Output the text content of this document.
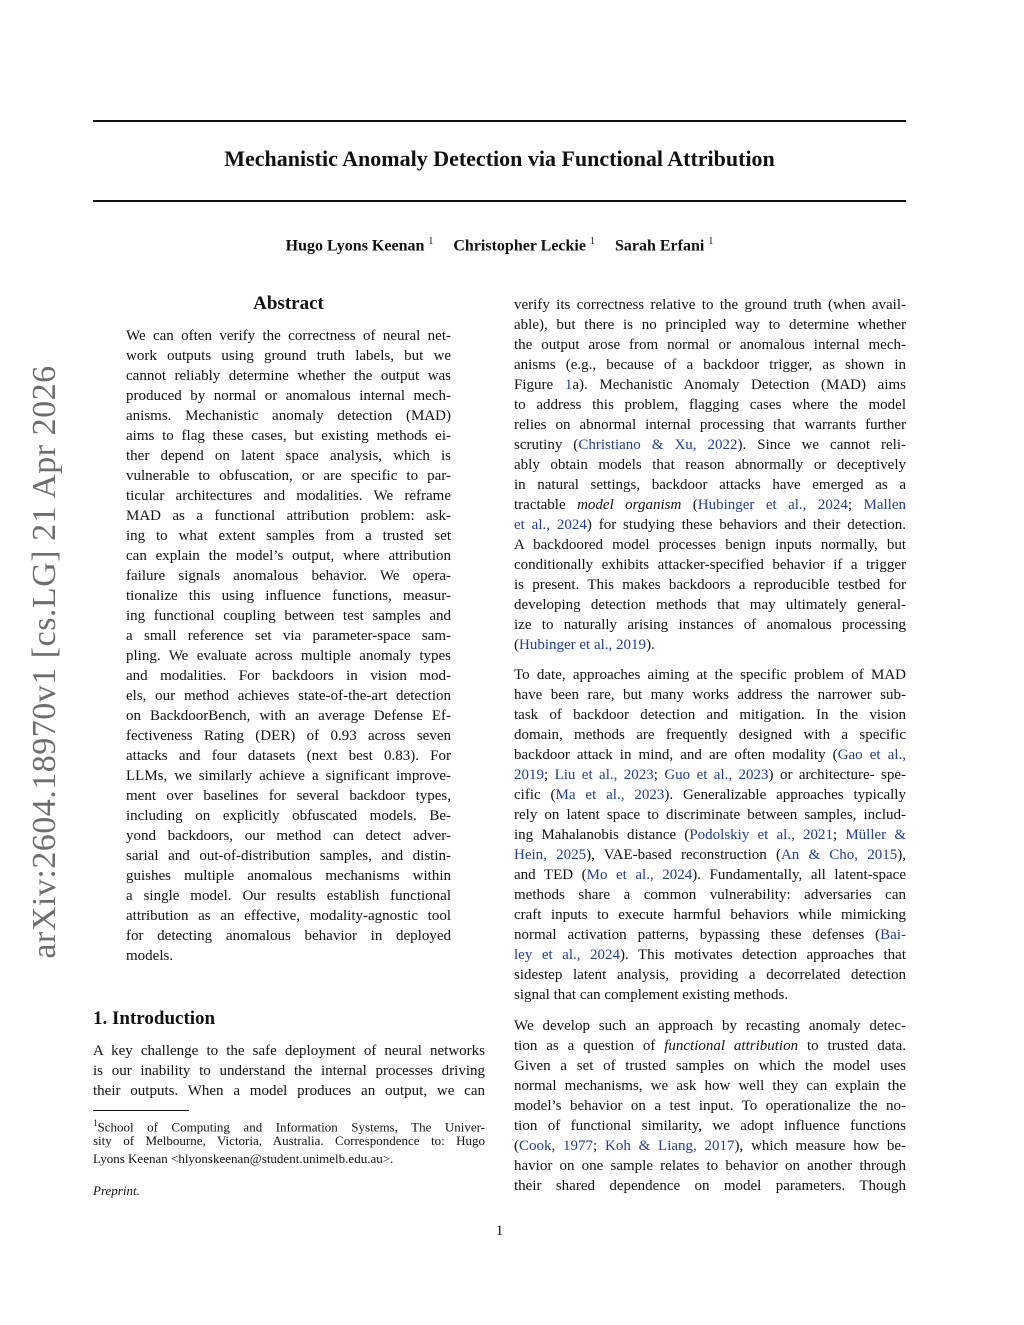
Mechanistic Anomaly Detection via Functional Attribution
Hugo Lyons Keenan $^1$ Christopher Leckie $^1$ Sarah Erfani $^1$
arXiv:2604.18970v1 [cs.LG] 21 Apr 2026
Abstract
We can often verify the correctness of neural net-
work outputs using ground truth labels, but we
cannot reliably determine whether the output was
produced by normal or anomalous internal mech-
anisms. Mechanistic anomaly detection (MAD)
aims to flag these cases, but existing methods ei-
ther depend on latent space analysis, which is
vulnerable to obfuscation, or are specific to par-
ticular architectures and modalities. We reframe
MAD as a functional attribution problem: ask-
ing to what extent samples from a trusted set
can explain the model’s output, where attribution
failure signals anomalous behavior. We opera-
tionalize this using influence functions, measur-
ing functional coupling between test samples and
a small reference set via parameter-space sam-
pling. We evaluate across multiple anomaly types
and modalities. For backdoors in vision mod-
els, our method achieves state-of-the-art detection
on BackdoorBench, with an average Defense Ef-
fectiveness Rating (DER) of 0.93 across seven
attacks and four datasets (next best 0.83). For
LLMs, we similarly achieve a significant improve-
ment over baselines for several backdoor types,
including on explicitly obfuscated models. Be-
yond backdoors, our method can detect adver-
sarial and out-of-distribution samples, and distin-
guishes multiple anomalous mechanisms within
a single model. Our results establish functional
attribution as an effective, modality-agnostic tool
for detecting anomalous behavior in deployed
models.
1. Introduction
A key challenge to the safe deployment of neural networks
is our inability to understand the internal processes driving
their outputs. When a model produces an output, we can
$^1$School of Computing and Information Systems, The Univer-
sity of Melbourne, Victoria, Australia. Correspondence to: Hugo
Lyons Keenan <hlyonskeenan@student.unimelb.edu.au>.
Preprint.
verify its correctness relative to the ground truth (when avail-
able), but there is no principled way to determine whether
the output arose from normal or anomalous internal mech-
anisms (e.g., because of a backdoor trigger, as shown in
Figure 1a). Mechanistic Anomaly Detection (MAD) aims
to address this problem, flagging cases where the model
relies on abnormal internal processing that warrants further
scrutiny (Christiano & Xu, 2022). Since we cannot reli-
ably obtain models that reason abnormally or deceptively
in natural settings, backdoor attacks have emerged as a
tractable model organism (Hubinger et al., 2024; Mallen
et al., 2024) for studying these behaviors and their detection.
A backdoored model processes benign inputs normally, but
conditionally exhibits attacker-specified behavior if a trigger
is present. This makes backdoors a reproducible testbed for
developing detection methods that may ultimately general-
ize to naturally arising instances of anomalous processing
(Hubinger et al., 2019).
To date, approaches aiming at the specific problem of MAD
have been rare, but many works address the narrower sub-
task of backdoor detection and mitigation. In the vision
domain, methods are frequently designed with a specific
backdoor attack in mind, and are often modality (Gao et al.,
2019; Liu et al., 2023; Guo et al., 2023) or architecture- spe-
cific (Ma et al., 2023). Generalizable approaches typically
rely on latent space to discriminate between samples, includ-
ing Mahalanobis distance (Podolskiy et al., 2021; Müller &
Hein, 2025), VAE-based reconstruction (An & Cho, 2015),
and TED (Mo et al., 2024). Fundamentally, all latent-space
methods share a common vulnerability: adversaries can
craft inputs to execute harmful behaviors while mimicking
normal activation patterns, bypassing these defenses (Bai-
ley et al., 2024). This motivates detection approaches that
sidestep latent analysis, providing a decorrelated detection
signal that can complement existing methods.
We develop such an approach by recasting anomaly detec-
tion as a question of functional attribution to trusted data.
Given a set of trusted samples on which the model uses
normal mechanisms, we ask how well they can explain the
model’s behavior on a test input. To operationalize the no-
tion of functional similarity, we adopt influence functions
(Cook, 1977; Koh & Liang, 2017), which measure how be-
havior on one sample relates to behavior on another through
their shared dependence on model parameters. Though
1
